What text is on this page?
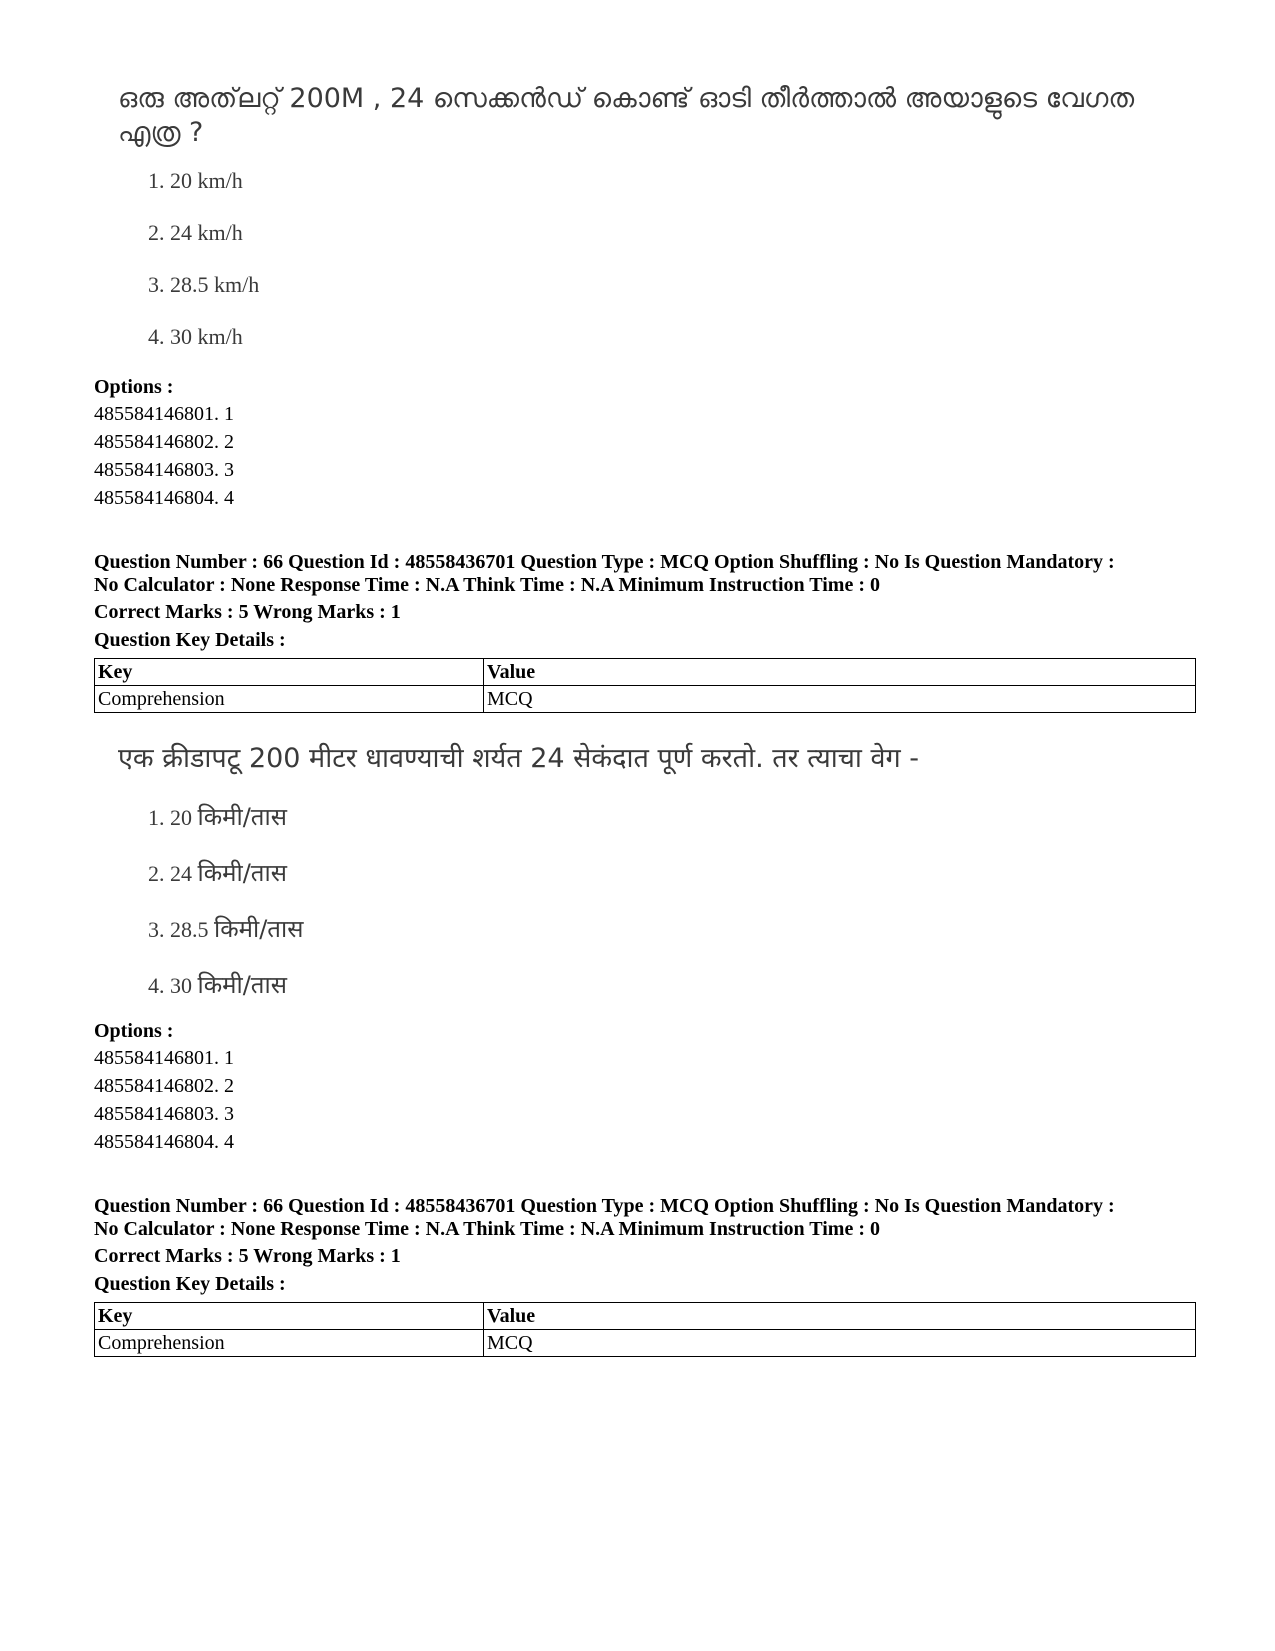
ഒരു അത്‌ലറ്റ് 200M , 24 സെക്കൻഡ് കൊണ്ട് ഓടി തീർത്താൽ അയാളുടെ വേഗത
എത്ര ?
1. 20 km/h
2. 24 km/h
3. 28.5 km/h
4. 30 km/h
Options :
485584146801. 1
485584146802. 2
485584146803. 3
485584146804. 4
Question Number : 66 Question Id : 48558436701 Question Type : MCQ Option Shuffling : No Is Question Mandatory :
No Calculator : None Response Time : N.A Think Time : N.A Minimum Instruction Time : 0
Correct Marks : 5 Wrong Marks : 1
Question Key Details :
Key	Value
Comprehension	MCQ
एक क्रीडापटू 200 मीटर धावण्याची शर्यत 24 सेकंदात पूर्ण करतो. तर त्याचा वेग -
1. 20 किमी/तास
2. 24 किमी/तास
3. 28.5 किमी/तास
4. 30 किमी/तास
Options :
485584146801. 1
485584146802. 2
485584146803. 3
485584146804. 4
Question Number : 66 Question Id : 48558436701 Question Type : MCQ Option Shuffling : No Is Question Mandatory :
No Calculator : None Response Time : N.A Think Time : N.A Minimum Instruction Time : 0
Correct Marks : 5 Wrong Marks : 1
Question Key Details :
Key	Value
Comprehension	MCQ
